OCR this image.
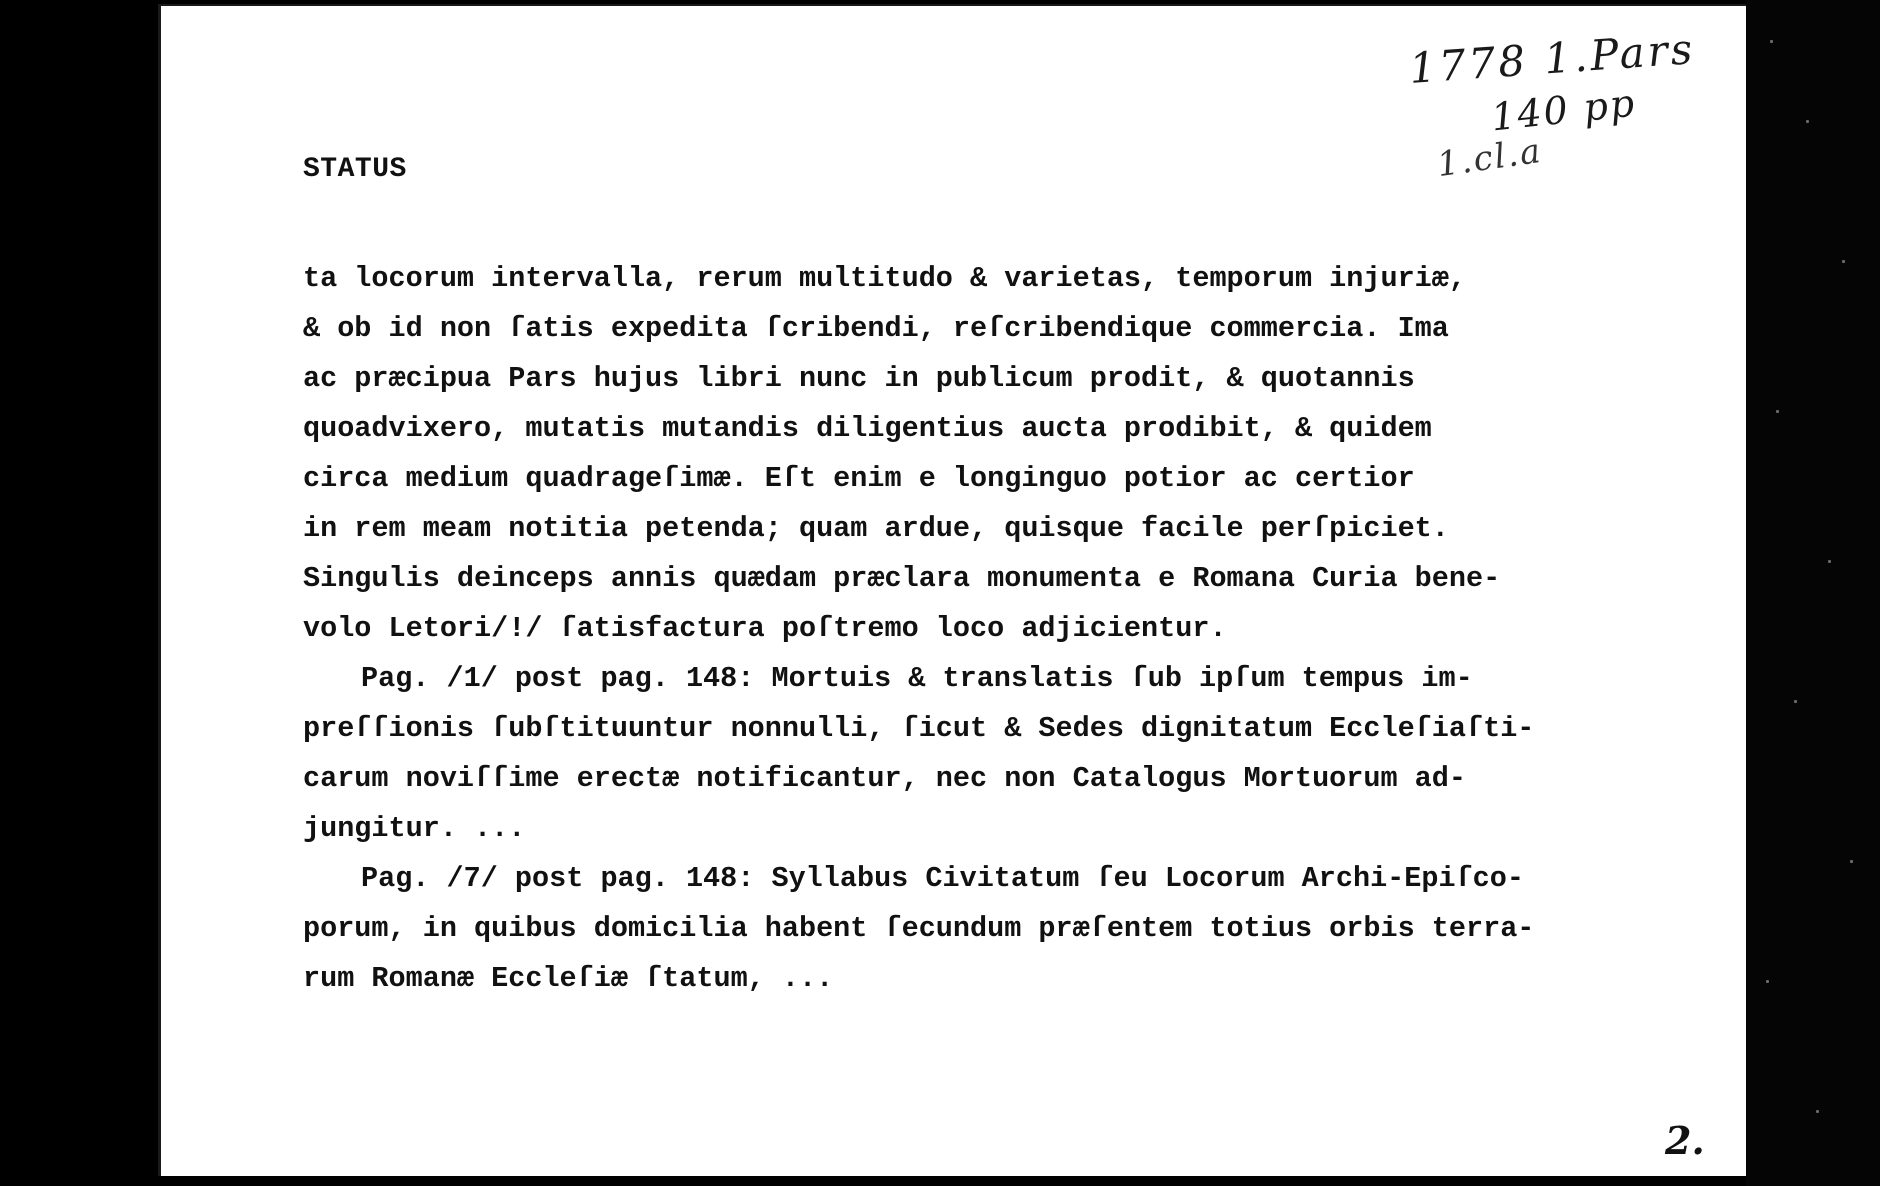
1778 1.Pars
140 pp
1.cl.a
STATUS
ta locorum intervalla, rerum multitudo & varietas, temporum injuriæ,
& ob id non ſatis expedita ſcribendi, reſcribendique commercia. Ima
ac præcipua Pars hujus libri nunc in publicum prodit, & quotannis
quoadvixero, mutatis mutandis diligentius aucta prodibit, & quidem
circa medium quadrageſimæ. Eſt enim e longinguo potior ac certior
in rem meam notitia petenda; quam ardue, quisque facile perſpiciet.
Singulis deinceps annis quædam præclara monumenta e Romana Curia bene-
volo Letori/!/ ſatisfactura poſtremo loco adjicientur.
Pag. /1/ post pag. 148: Mortuis & translatis ſub ipſum tempus im-
preſſionis ſubſtituuntur nonnulli, ſicut & Sedes dignitatum Eccleſiaſti-
carum noviſſime erectæ notificantur, nec non Catalogus Mortuorum ad-
jungitur. ...
Pag. /7/ post pag. 148: Syllabus Civitatum ſeu Locorum Archi-Epiſco-
porum, in quibus domicilia habent ſecundum præſentem totius orbis terra-
rum Romanæ Eccleſiæ ſtatum, ...
2.
